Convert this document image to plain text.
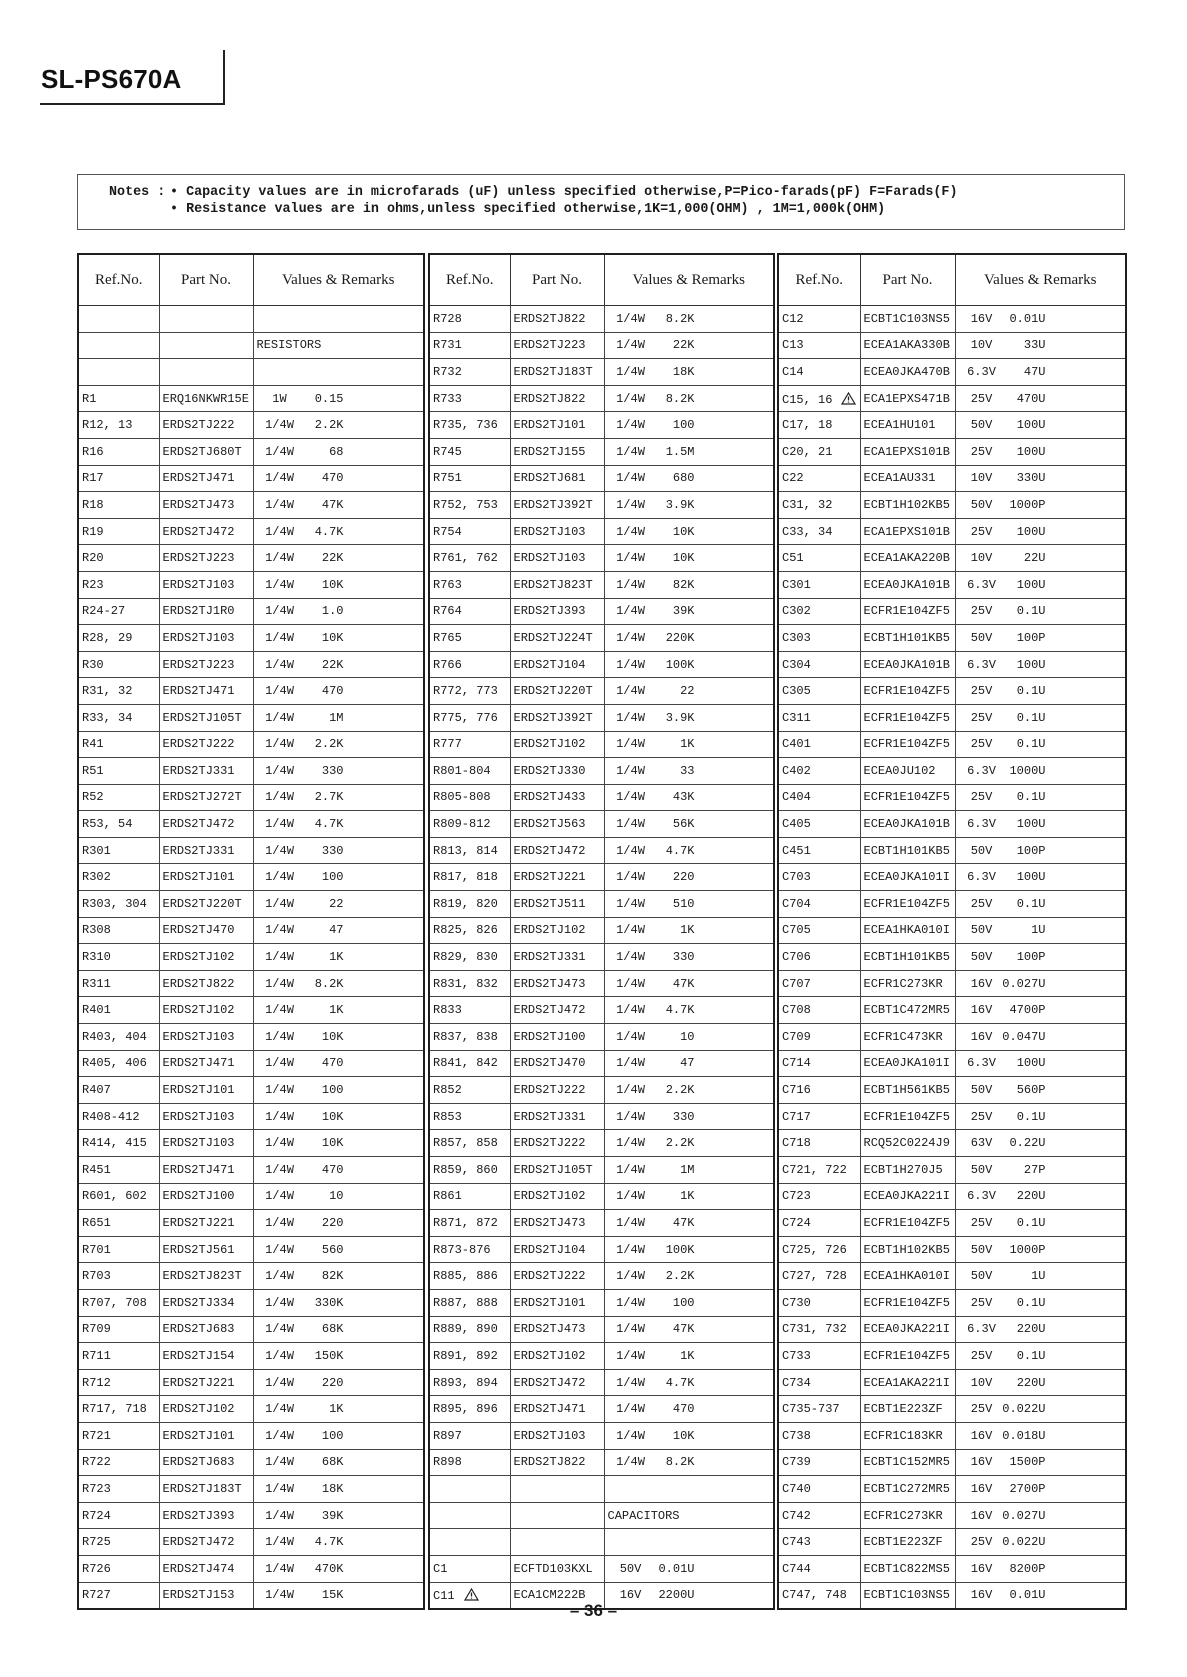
SL-PS670A
Notes : • Capacity values are in microfarads (uF) unless specified otherwise,P=Pico-farads(pF) F=Farads(F)
• Resistance values are in ohms,unless specified otherwise,1K=1,000(OHM) , 1M=1,000k(OHM)
Ref.No.	Part No.	Values & Remarks

		RESISTORS

R1	ERQ16NKWR15E	1W 0.15
R12, 13	ERDS2TJ222	1/4W 2.2K
R16	ERDS2TJ680T	1/4W 68
R17	ERDS2TJ471	1/4W 470
R18	ERDS2TJ473	1/4W 47K
R19	ERDS2TJ472	1/4W 4.7K
R20	ERDS2TJ223	1/4W 22K
R23	ERDS2TJ103	1/4W 10K
R24-27	ERDS2TJ1R0	1/4W 1.0
R28, 29	ERDS2TJ103	1/4W 10K
R30	ERDS2TJ223	1/4W 22K
R31, 32	ERDS2TJ471	1/4W 470
R33, 34	ERDS2TJ105T	1/4W 1M
R41	ERDS2TJ222	1/4W 2.2K
R51	ERDS2TJ331	1/4W 330
R52	ERDS2TJ272T	1/4W 2.7K
R53, 54	ERDS2TJ472	1/4W 4.7K
R301	ERDS2TJ331	1/4W 330
R302	ERDS2TJ101	1/4W 100
R303, 304	ERDS2TJ220T	1/4W 22
R308	ERDS2TJ470	1/4W 47
R310	ERDS2TJ102	1/4W 1K
R311	ERDS2TJ822	1/4W 8.2K
R401	ERDS2TJ102	1/4W 1K
R403, 404	ERDS2TJ103	1/4W 10K
R405, 406	ERDS2TJ471	1/4W 470
R407	ERDS2TJ101	1/4W 100
R408-412	ERDS2TJ103	1/4W 10K
R414, 415	ERDS2TJ103	1/4W 10K
R451	ERDS2TJ471	1/4W 470
R601, 602	ERDS2TJ100	1/4W 10
R651	ERDS2TJ221	1/4W 220
R701	ERDS2TJ561	1/4W 560
R703	ERDS2TJ823T	1/4W 82K
R707, 708	ERDS2TJ334	1/4W 330K
R709	ERDS2TJ683	1/4W 68K
R711	ERDS2TJ154	1/4W 150K
R712	ERDS2TJ221	1/4W 220
R717, 718	ERDS2TJ102	1/4W 1K
R721	ERDS2TJ101	1/4W 100
R722	ERDS2TJ683	1/4W 68K
R723	ERDS2TJ183T	1/4W 18K
R724	ERDS2TJ393	1/4W 39K
R725	ERDS2TJ472	1/4W 4.7K
R726	ERDS2TJ474	1/4W 470K
R727	ERDS2TJ153	1/4W 15K
Ref.No.	Part No.	Values & Remarks
R728	ERDS2TJ822	1/4W 8.2K
R731	ERDS2TJ223	1/4W 22K
R732	ERDS2TJ183T	1/4W 18K
R733	ERDS2TJ822	1/4W 8.2K
R735, 736	ERDS2TJ101	1/4W 100
R745	ERDS2TJ155	1/4W 1.5M
R751	ERDS2TJ681	1/4W 680
R752, 753	ERDS2TJ392T	1/4W 3.9K
R754	ERDS2TJ103	1/4W 10K
R761, 762	ERDS2TJ103	1/4W 10K
R763	ERDS2TJ823T	1/4W 82K
R764	ERDS2TJ393	1/4W 39K
R765	ERDS2TJ224T	1/4W 220K
R766	ERDS2TJ104	1/4W 100K
R772, 773	ERDS2TJ220T	1/4W 22
R775, 776	ERDS2TJ392T	1/4W 3.9K
R777	ERDS2TJ102	1/4W 1K
R801-804	ERDS2TJ330	1/4W 33
R805-808	ERDS2TJ433	1/4W 43K
R809-812	ERDS2TJ563	1/4W 56K
R813, 814	ERDS2TJ472	1/4W 4.7K
R817, 818	ERDS2TJ221	1/4W 220
R819, 820	ERDS2TJ511	1/4W 510
R825, 826	ERDS2TJ102	1/4W 1K
R829, 830	ERDS2TJ331	1/4W 330
R831, 832	ERDS2TJ473	1/4W 47K
R833	ERDS2TJ472	1/4W 4.7K
R837, 838	ERDS2TJ100	1/4W 10
R841, 842	ERDS2TJ470	1/4W 47
R852	ERDS2TJ222	1/4W 2.2K
R853	ERDS2TJ331	1/4W 330
R857, 858	ERDS2TJ222	1/4W 2.2K
R859, 860	ERDS2TJ105T	1/4W 1M
R861	ERDS2TJ102	1/4W 1K
R871, 872	ERDS2TJ473	1/4W 47K
R873-876	ERDS2TJ104	1/4W 100K
R885, 886	ERDS2TJ222	1/4W 2.2K
R887, 888	ERDS2TJ101	1/4W 100
R889, 890	ERDS2TJ473	1/4W 47K
R891, 892	ERDS2TJ102	1/4W 1K
R893, 894	ERDS2TJ472	1/4W 4.7K
R895, 896	ERDS2TJ471	1/4W 470
R897	ERDS2TJ103	1/4W 10K
R898	ERDS2TJ822	1/4W 8.2K

		CAPACITORS

C1	ECFTD103KXL	50V 0.01U
C11	ECA1CM222B	16V 2200U
Ref.No.	Part No.	Values & Remarks
C12	ECBT1C103NS5	16V 0.01U
C13	ECEA1AKA330B	10V 33U
C14	ECEA0JKA470B	6.3V 47U
C15, 16	ECA1EPXS471B	25V 470U
C17, 18	ECEA1HU101	50V 100U
C20, 21	ECA1EPXS101B	25V 100U
C22	ECEA1AU331	10V 330U
C31, 32	ECBT1H102KB5	50V 1000P
C33, 34	ECA1EPXS101B	25V 100U
C51	ECEA1AKA220B	10V 22U
C301	ECEA0JKA101B	6.3V 100U
C302	ECFR1E104ZF5	25V 0.1U
C303	ECBT1H101KB5	50V 100P
C304	ECEA0JKA101B	6.3V 100U
C305	ECFR1E104ZF5	25V 0.1U
C311	ECFR1E104ZF5	25V 0.1U
C401	ECFR1E104ZF5	25V 0.1U
C402	ECEA0JU102	6.3V 1000U
C404	ECFR1E104ZF5	25V 0.1U
C405	ECEA0JKA101B	6.3V 100U
C451	ECBT1H101KB5	50V 100P
C703	ECEA0JKA101I	6.3V 100U
C704	ECFR1E104ZF5	25V 0.1U
C705	ECEA1HKA010I	50V 1U
C706	ECBT1H101KB5	50V 100P
C707	ECFR1C273KR	16V 0.027U
C708	ECBT1C472MR5	16V 4700P
C709	ECFR1C473KR	16V 0.047U
C714	ECEA0JKA101I	6.3V 100U
C716	ECBT1H561KB5	50V 560P
C717	ECFR1E104ZF5	25V 0.1U
C718	RCQ52C0224J9	63V 0.22U
C721, 722	ECBT1H270J5	50V 27P
C723	ECEA0JKA221I	6.3V 220U
C724	ECFR1E104ZF5	25V 0.1U
C725, 726	ECBT1H102KB5	50V 1000P
C727, 728	ECEA1HKA010I	50V 1U
C730	ECFR1E104ZF5	25V 0.1U
C731, 732	ECEA0JKA221I	6.3V 220U
C733	ECFR1E104ZF5	25V 0.1U
C734	ECEA1AKA221I	10V 220U
C735-737	ECBT1E223ZF	25V 0.022U
C738	ECFR1C183KR	16V 0.018U
C739	ECBT1C152MR5	16V 1500P
C740	ECBT1C272MR5	16V 2700P
C742	ECFR1C273KR	16V 0.027U
C743	ECBT1E223ZF	25V 0.022U
C744	ECBT1C822MS5	16V 8200P
C747, 748	ECBT1C103NS5	16V 0.01U
– 36 –
